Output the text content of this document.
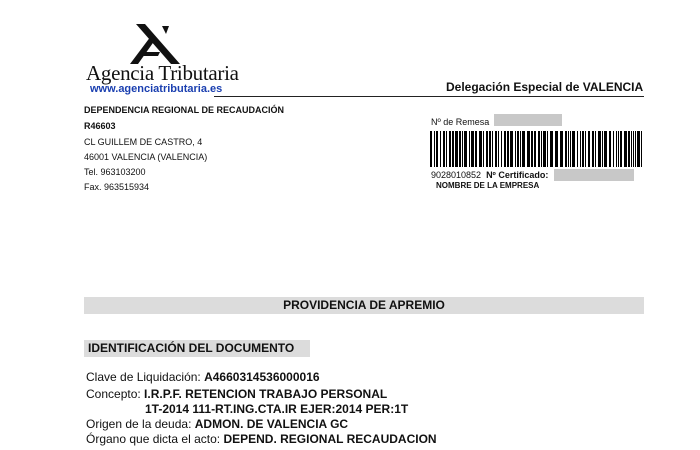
Agencia Tributaria
www.agenciatributaria.es	Delegación Especial de VALENCIA
DEPENDENCIA REGIONAL DE RECAUDACIÓN
R46603
CL GUILLEM DE CASTRO, 4
46001 VALENCIA (VALENCIA)
Tel. 963103200
Fax. 963515934
Nº de Remesa
9028010852 Nº Certificado:
NOMBRE DE LA EMPRESA
PROVIDENCIA DE APREMIO
IDENTIFICACIÓN DEL DOCUMENTO
Clave de Liquidación: A4660314536000016
Concepto: I.R.P.F. RETENCION TRABAJO PERSONAL
1T-2014 111-RT.ING.CTA.IR EJER:2014 PER:1T
Origen de la deuda: ADMON. DE VALENCIA GC
Órgano que dicta el acto: DEPEND. REGIONAL RECAUDACION
